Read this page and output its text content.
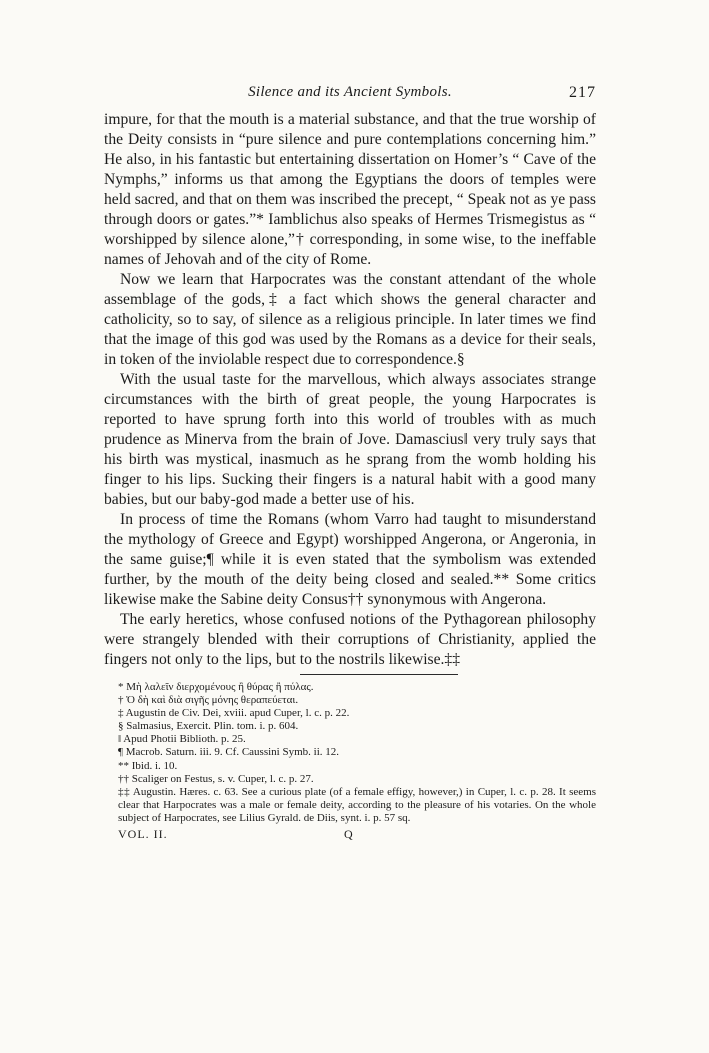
Silence and its Ancient Symbols.	217

impure, for that the mouth is a material substance, and that the true worship of the Deity consists in “pure silence and pure contemplations concerning him.” He also, in his fantastic but entertaining dissertation on Homer’s “ Cave of the Nymphs,” informs us that among the Egyptians the doors of temples were held sacred, and that on them was inscribed the precept, “ Speak not as ye pass through doors or gates.”* Iamblichus also speaks of Hermes Trismegistus as “ worshipped by silence alone,”† corresponding, in some wise, to the ineffable names of Jehovah and of the city of Rome.

Now we learn that Harpocrates was the constant attendant of the whole assemblage of the gods,‡ a fact which shows the general character and catholicity, so to say, of silence as a religious principle. In later times we find that the image of this god was used by the Romans as a device for their seals, in token of the inviolable respect due to correspondence.§

With the usual taste for the marvellous, which always associates strange circumstances with the birth of great people, the young Harpocrates is reported to have sprung forth into this world of troubles with as much prudence as Minerva from the brain of Jove. Damascius‖ very truly says that his birth was mystical, inasmuch as he sprang from the womb holding his finger to his lips. Sucking their fingers is a natural habit with a good many babies, but our baby-god made a better use of his.

In process of time the Romans (whom Varro had taught to misunderstand the mythology of Greece and Egypt) worshipped Angerona, or Angeronia, in the same guise;¶ while it is even stated that the symbolism was extended further, by the mouth of the deity being closed and sealed.** Some critics likewise make the Sabine deity Consus†† synonymous with Angerona.

The early heretics, whose confused notions of the Pythagorean philosophy were strangely blended with their corruptions of Christianity, applied the fingers not only to the lips, but to the nostrils likewise.‡‡

* Μὴ λαλεῖν διερχομένους ἢ θύρας ἢ πύλας.

† Ὁ δὴ καὶ διὰ σιγῆς μόνης θεραπεύεται.

‡ Augustin de Civ. Dei, xviii. apud Cuper, l. c. p. 22.

§ Salmasius, Exercit. Plin. tom. i. p. 604.

‖ Apud Photii Biblioth. p. 25.

¶ Macrob. Saturn. iii. 9. Cf. Caussini Symb. ii. 12.

** Ibid. i. 10.

†† Scaliger on Festus, s. v. Cuper, l. c. p. 27.

‡‡ Augustin. Hæres. c. 63. See a curious plate (of a female effigy, however,) in Cuper, l. c. p. 28. It seems clear that Harpocrates was a male or female deity, according to the pleasure of his votaries. On the whole subject of Harpocrates, see Lilius Gyrald. de Diis, synt. i. p. 57 sq.

VOL. II.	Q
